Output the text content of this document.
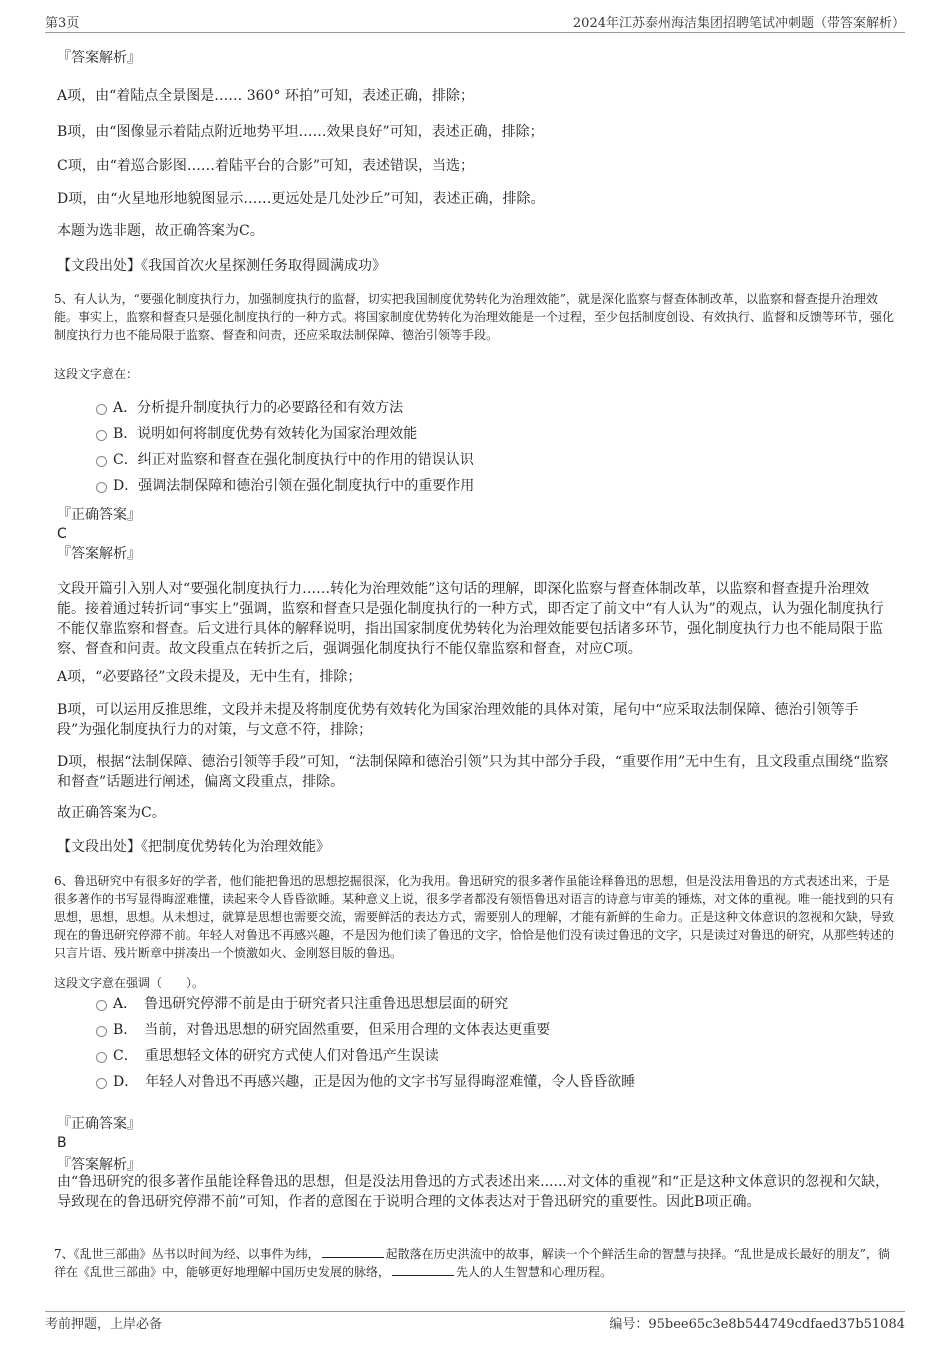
第3页	2024年江苏泰州海洁集团招聘笔试冲刺题（带答案解析）
『答案解析』
A项，由“着陆点全景图是…… 360° 环拍”可知，表述正确，排除；
B项，由“图像显示着陆点附近地势平坦……效果良好”可知，表述正确，排除；
C项，由“着巡合影图……着陆平台的合影”可知，表述错误，当选；
D项，由“火星地形地貌图显示……更远处是几处沙丘”可知，表述正确，排除。
本题为选非题，故正确答案为C。
【文段出处】《我国首次火星探测任务取得圆满成功》
5、有人认为，“要强化制度执行力，加强制度执行的监督，切实把我国制度优势转化为治理效能”，就是深化监察与督查体制改革，以监察和督查提升治理效能。事实上，监察和督查只是强化制度执行的一种方式。将国家制度优势转化为治理效能是一个过程，至少包括制度创设、有效执行、监督和反馈等环节，强化制度执行力也不能局限于监察、督查和问责，还应采取法制保障、德治引领等手段。
这段文字意在：
A．分析提升制度执行力的必要路径和有效方法
B．说明如何将制度优势有效转化为国家治理效能
C．纠正对监察和督查在强化制度执行中的作用的错误认识
D．强调法制保障和德治引领在强化制度执行中的重要作用
『正确答案』
C
『答案解析』
文段开篇引入别人对“要强化制度执行力……转化为治理效能”这句话的理解，即深化监察与督查体制改革，以监察和督查提升治理效能。接着通过转折词“事实上”强调，监察和督查只是强化制度执行的一种方式，即否定了前文中“有人认为”的观点，认为强化制度执行不能仅靠监察和督查。后文进行具体的解释说明，指出国家制度优势转化为治理效能要包括诸多环节，强化制度执行力也不能局限于监察、督查和问责。故文段重点在转折之后，强调强化制度执行不能仅靠监察和督查，对应C项。
A项，“必要路径”文段未提及，无中生有，排除；
B项，可以运用反推思维，文段并未提及将制度优势有效转化为国家治理效能的具体对策，尾句中“应采取法制保障、德治引领等手段”为强化制度执行力的对策，与文意不符，排除；
D项，根据“法制保障、德治引领等手段”可知，“法制保障和德治引领”只为其中部分手段，“重要作用”无中生有，且文段重点围绕“监察和督查”话题进行阐述，偏离文段重点，排除。
故正确答案为C。
【文段出处】《把制度优势转化为治理效能》
6、鲁迅研究中有很多好的学者，他们能把鲁迅的思想挖掘很深，化为我用。鲁迅研究的很多著作虽能诠释鲁迅的思想，但是没法用鲁迅的方式表述出来，于是很多著作的书写显得晦涩难懂，读起来令人昏昏欲睡。某种意义上说，很多学者都没有领悟鲁迅对语言的诗意与审美的锤炼，对文体的重视。唯一能找到的只有思想，思想，思想。从未想过，就算是思想也需要交流，需要鲜活的表达方式，需要别人的理解，才能有新鲜的生命力。正是这种文体意识的忽视和欠缺，导致现在的鲁迅研究停滞不前。年轻人对鲁迅不再感兴趣，不是因为他们读了鲁迅的文字，恰恰是他们没有读过鲁迅的文字，只是读过对鲁迅的研究，从那些转述的只言片语、残片断章中拼凑出一个愤激如火、金刚怒目版的鲁迅。
这段文字意在强调（　　）。
A．　鲁迅研究停滞不前是由于研究者只注重鲁迅思想层面的研究
B．　当前，对鲁迅思想的研究固然重要，但采用合理的文体表达更重要
C．　重思想轻文体的研究方式使人们对鲁迅产生误读
D．　年轻人对鲁迅不再感兴趣，正是因为他的文字书写显得晦涩难懂，令人昏昏欲睡
『正确答案』
B
『答案解析』
由“鲁迅研究的很多著作虽能诠释鲁迅的思想，但是没法用鲁迅的方式表述出来......对文体的重视”和“正是这种文体意识的忽视和欠缺，导致现在的鲁迅研究停滞不前”可知，作者的意图在于说明合理的文体表达对于鲁迅研究的重要性。因此B项正确。
7、《乱世三部曲》丛书以时间为经、以事件为纬，	起散落在历史洪流中的故事，解读一个个鲜活生命的智慧与抉择。“乱世是成长最好的朋友”，徜徉在《乱世三部曲》中，能够更好地理解中国历史发展的脉络，	先人的人生智慧和心理历程。
考前押题，上岸必备	编号：95bee65c3e8b544749cdfaed37b51084
